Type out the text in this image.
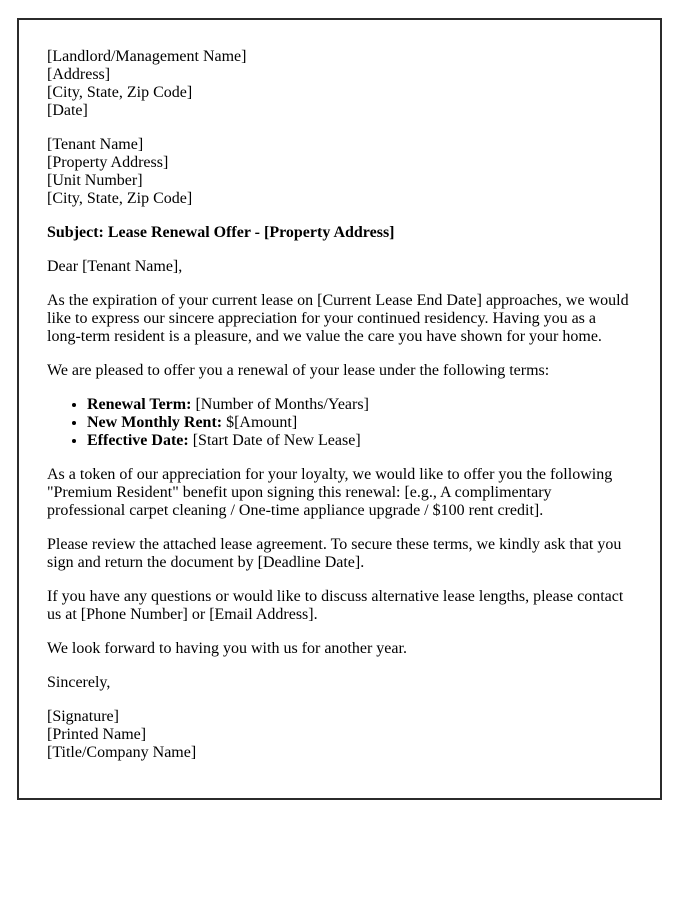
[Landlord/Management Name]
[Address]
[City, State, Zip Code]
[Date]
[Tenant Name]
[Property Address]
[Unit Number]
[City, State, Zip Code]

Subject: Lease Renewal Offer - [Property Address]

Dear [Tenant Name],

As the expiration of your current lease on [Current Lease End Date] approaches, we would like to express our sincere appreciation for your continued residency. Having you as a long-term resident is a pleasure, and we value the care you have shown for your home.

We are pleased to offer you a renewal of your lease under the following terms:

• Renewal Term: [Number of Months/Years]
• New Monthly Rent: $[Amount]
• Effective Date: [Start Date of New Lease]

As a token of our appreciation for your loyalty, we would like to offer you the following "Premium Resident" benefit upon signing this renewal: [e.g., A complimentary professional carpet cleaning / One-time appliance upgrade / $100 rent credit].

Please review the attached lease agreement. To secure these terms, we kindly ask that you sign and return the document by [Deadline Date].

If you have any questions or would like to discuss alternative lease lengths, please contact us at [Phone Number] or [Email Address].

We look forward to having you with us for another year.

Sincerely,

[Signature]
[Printed Name]
[Title/Company Name]
